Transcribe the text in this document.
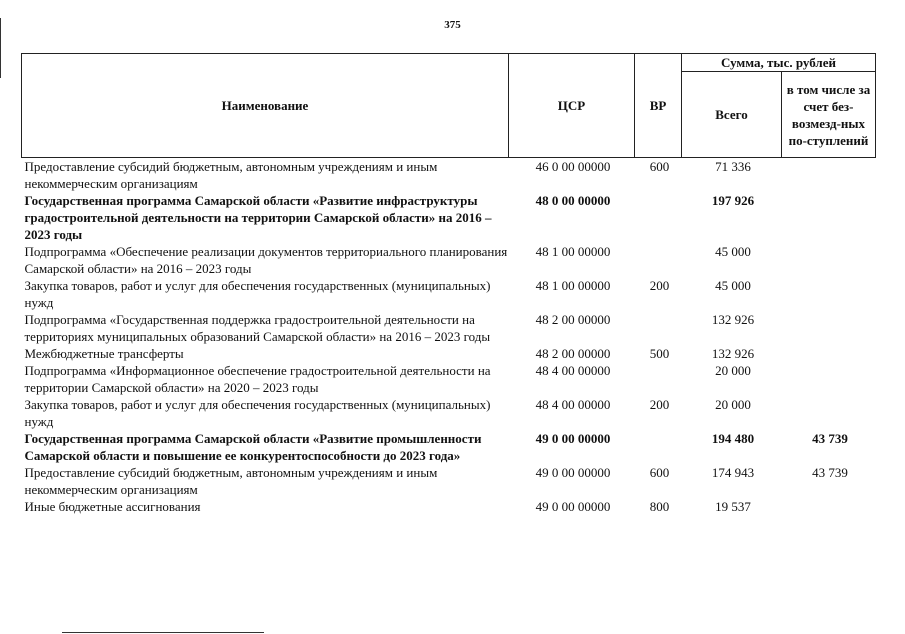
375
Наименование	ЦСР	ВР	Сумма, тыс. рублей	
			Всего	в том числе за счет без-возмезд-ных по-ступлений
Предоставление субсидий бюджетным, автономным учреждениям и иным некоммерческим организациям	46 0 00 00000	600	71 336	
Государственная программа Самарской области «Развитие инфраструктуры градостроительной деятельности на территории Самарской области» на 2016 – 2023 годы	48 0 00 00000		197 926	
Подпрограмма «Обеспечение реализации документов территориального планирования Самарской области» на 2016 – 2023 годы	48 1 00 00000		45 000	
Закупка товаров, работ и услуг для обеспечения государственных (муниципальных) нужд	48 1 00 00000	200	45 000	
Подпрограмма «Государственная поддержка градостроительной деятельности на территориях муниципальных образований Самарской области» на 2016 – 2023 годы	48 2 00 00000		132 926	
Межбюджетные трансферты	48 2 00 00000	500	132 926	
Подпрограмма «Информационное обеспечение градостроительной деятельности на территории Самарской области» на 2020 – 2023 годы	48 4 00 00000		20 000	
Закупка товаров, работ и услуг для обеспечения государственных (муниципальных) нужд	48 4 00 00000	200	20 000	
Государственная программа Самарской области «Развитие промышленности Самарской области и повышение ее конкурентоспособности до 2023 года»	49 0 00 00000		194 480	43 739
Предоставление субсидий бюджетным, автономным учреждениям и иным некоммерческим организациям	49 0 00 00000	600	174 943	43 739
Иные бюджетные ассигнования	49 0 00 00000	800	19 537	
